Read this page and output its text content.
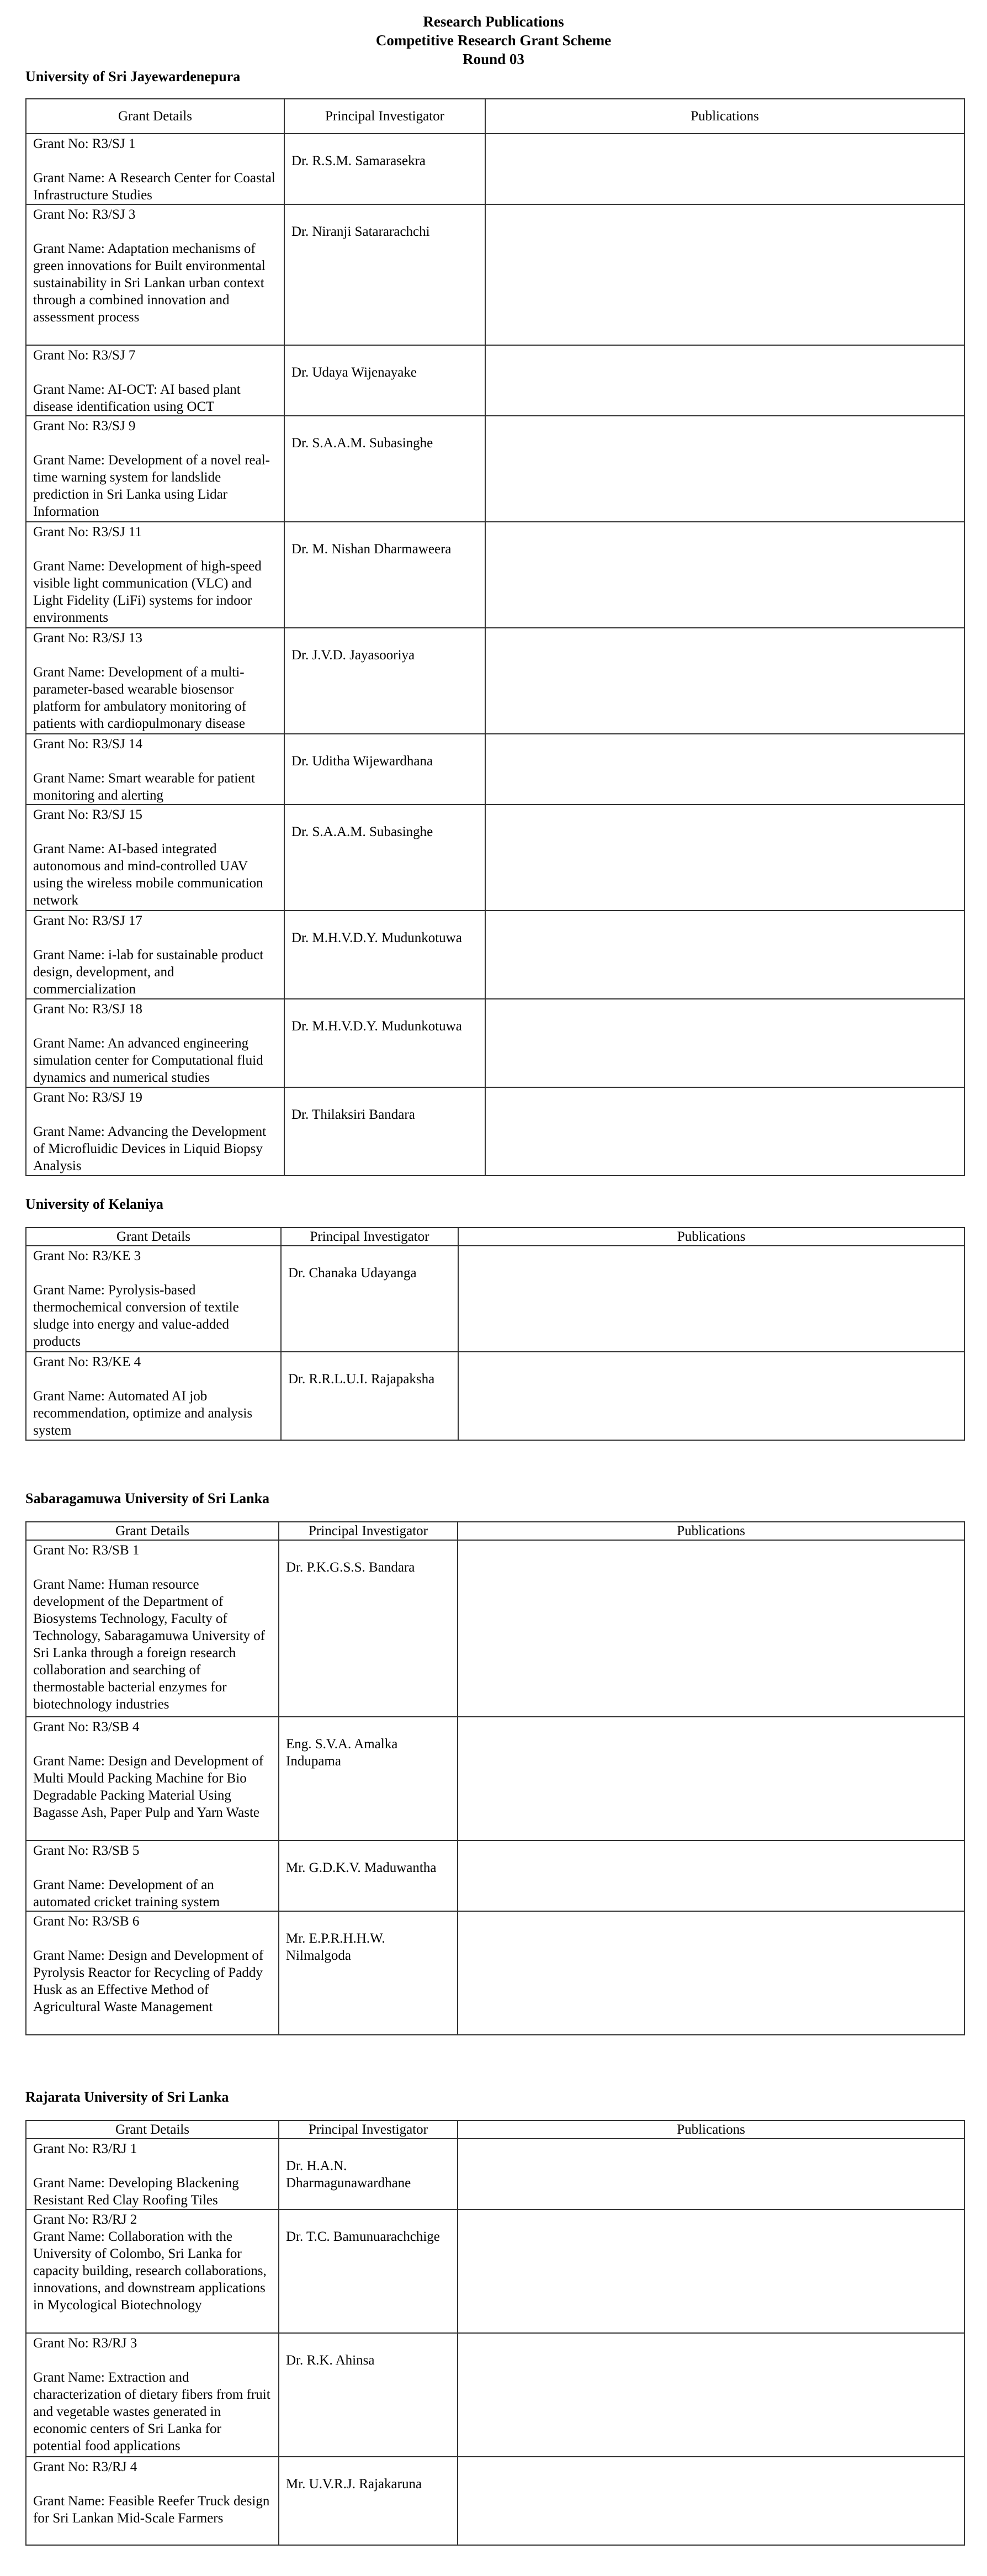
Research Publications
Competitive Research Grant Scheme
Round 03
University of Sri Jayewardenepura
Grant Details	Principal Investigator	Publications

Grant No: R3/SJ 1
Grant Name: A Research Center for Coastal Infrastructure Studies	Dr. R.S.M. Samarasekra	

Grant No: R3/SJ 3
Grant Name: Adaptation mechanisms of green innovations for Built environmental sustainability in Sri Lankan urban context through a combined innovation and assessment process	Dr. Niranji Satararachchi	

Grant No: R3/SJ 7
Grant Name: AI-OCT: AI based plant disease identification using OCT	Dr. Udaya Wijenayake	

Grant No: R3/SJ 9
Grant Name: Development of a novel real-time warning system for landslide prediction in Sri Lanka using Lidar Information	Dr. S.A.A.M. Subasinghe	

Grant No: R3/SJ 11
Grant Name: Development of high-speed visible light communication (VLC) and Light Fidelity (LiFi) systems for indoor environments	Dr. M. Nishan Dharmaweera	

Grant No: R3/SJ 13
Grant Name: Development of a multi-parameter-based wearable biosensor platform for ambulatory monitoring of patients with cardiopulmonary disease	Dr. J.V.D. Jayasooriya	

Grant No: R3/SJ 14
Grant Name: Smart wearable for patient monitoring and alerting	Dr. Uditha Wijewardhana	

Grant No: R3/SJ 15
Grant Name: AI-based integrated autonomous and mind-controlled UAV using the wireless mobile communication network	Dr. S.A.A.M. Subasinghe	

Grant No: R3/SJ 17
Grant Name: i-lab for sustainable product design, development, and commercialization	Dr. M.H.V.D.Y. Mudunkotuwa	

Grant No: R3/SJ 18
Grant Name: An advanced engineering simulation center for Computational fluid dynamics and numerical studies	Dr. M.H.V.D.Y. Mudunkotuwa	

Grant No: R3/SJ 19
Grant Name: Advancing the Development of Microfluidic Devices in Liquid Biopsy Analysis	Dr. Thilaksiri Bandara	

University of Kelaniya
Grant Details	Principal Investigator	Publications

Grant No: R3/KE 3
Grant Name: Pyrolysis-based thermochemical conversion of textile sludge into energy and value-added products	Dr. Chanaka Udayanga	

Grant No: R3/KE 4
Grant Name: Automated AI job recommendation, optimize and analysis system	Dr. R.R.L.U.I. Rajapaksha	

Sabaragamuwa University of Sri Lanka
Grant Details	Principal Investigator	Publications

Grant No: R3/SB 1
Grant Name: Human resource development of the Department of Biosystems Technology, Faculty of Technology, Sabaragamuwa University of Sri Lanka through a foreign research collaboration and searching of thermostable bacterial enzymes for biotechnology industries	Dr. P.K.G.S.S. Bandara	

Grant No: R3/SB 4
Grant Name: Design and Development of Multi Mould Packing Machine for Bio Degradable Packing Material Using Bagasse Ash, Paper Pulp and Yarn Waste	Eng. S.V.A. Amalka Indupama	

Grant No: R3/SB 5
Grant Name: Development of an automated cricket training system	Mr. G.D.K.V. Maduwantha	

Grant No: R3/SB 6
Grant Name: Design and Development of Pyrolysis Reactor for Recycling of Paddy Husk as an Effective Method of Agricultural Waste Management	Mr. E.P.R.H.H.W. Nilmalgoda	

Rajarata University of Sri Lanka
Grant Details	Principal Investigator	Publications

Grant No: R3/RJ 1
Grant Name: Developing Blackening Resistant Red Clay Roofing Tiles	Dr. H.A.N. Dharmagunawardhane	

Grant No: R3/RJ 2
Grant Name: Collaboration with the University of Colombo, Sri Lanka for capacity building, research collaborations, innovations, and downstream applications in Mycological Biotechnology	Dr. T.C. Bamunuarachchige	

Grant No: R3/RJ 3
Grant Name: Extraction and characterization of dietary fibers from fruit and vegetable wastes generated in economic centers of Sri Lanka for potential food applications	Dr. R.K. Ahinsa	

Grant No: R3/RJ 4
Grant Name: Feasible Reefer Truck design for Sri Lankan Mid-Scale Farmers	Mr. U.V.R.J. Rajakaruna	
